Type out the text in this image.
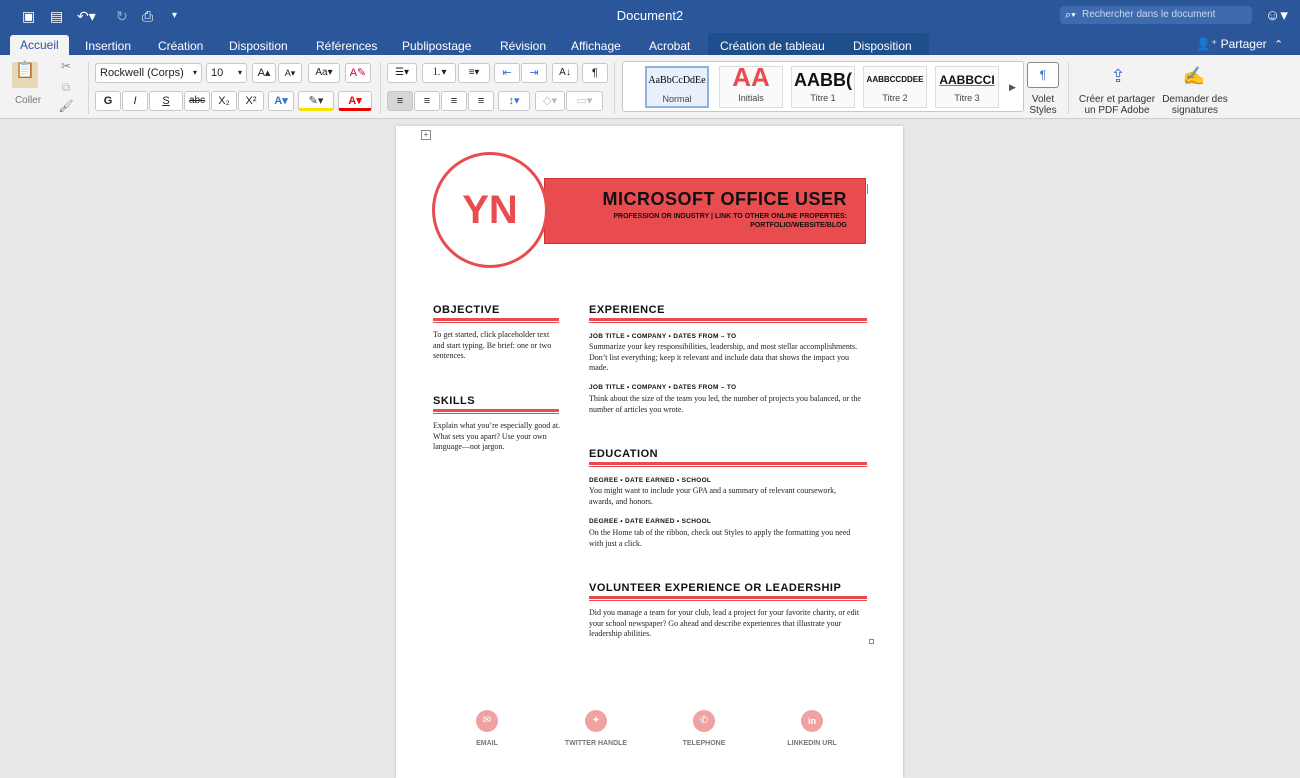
▣ ▤ ↶▾ ↻ ⎙ ▾	Document2	⌕▾ Rechercher dans le document	☺▾
Accueil	Insertion Création Disposition Références Publipostage Révision Affichage Acrobat Création de tableau Disposition	👤⁺ Partager ⌃
📋
Coller
✂
⧉
🖌
Rockwell (Corps) ▾	10 ▾	A▴	A▾	Aa▾	A✎
G	I	S	abc	X₂	X²	A▾	✎▾	A▾
☰▾	⒈▾	≡▾	⇤	⇥	A↓	¶
≡	≡	≡	≡	↕▾	◇▾	▭▾
AaBbCcDdEe
Normal
AA
Initials
AABB(
Titre 1
AABBCCDDEE
Titre 2
AABBCCI
Titre 3
▶
¶
Volet
Styles
⇪
Créer et partager
un PDF Adobe
✍
Demander des
signatures
+
MICROSOFT OFFICE USER
PROFESSION OR INDUSTRY | LINK TO OTHER ONLINE PROPERTIES: PORTFOLIO/WEBSITE/BLOG
YN
OBJECTIVE
To get started, click placeholder text and start typing. Be brief: one or two sentences.
SKILLS
Explain what you’re especially good at. What sets you apart? Use your own language—not jargon.
EXPERIENCE
JOB TITLE • COMPANY • DATES FROM – TO
Summarize your key responsibilities, leadership, and most stellar accomplishments. Don’t list everything; keep it relevant and include data that shows the impact you made.
JOB TITLE • COMPANY • DATES FROM – TO
Think about the size of the team you led, the number of projects you balanced, or the number of articles you wrote.
EDUCATION
DEGREE • DATE EARNED • SCHOOL
You might want to include your GPA and a summary of relevant coursework, awards, and honors.
DEGREE • DATE EARNED • SCHOOL
On the Home tab of the ribbon, check out Styles to apply the formatting you need with just a click.
VOLUNTEER EXPERIENCE OR LEADERSHIP
Did you manage a team for your club, lead a project for your favorite charity, or edit your school newspaper? Go ahead and describe experiences that illustrate your leadership abilities.
✉
EMAIL
✦
TWITTER HANDLE
✆
TELEPHONE
in
LINKEDIN URL
